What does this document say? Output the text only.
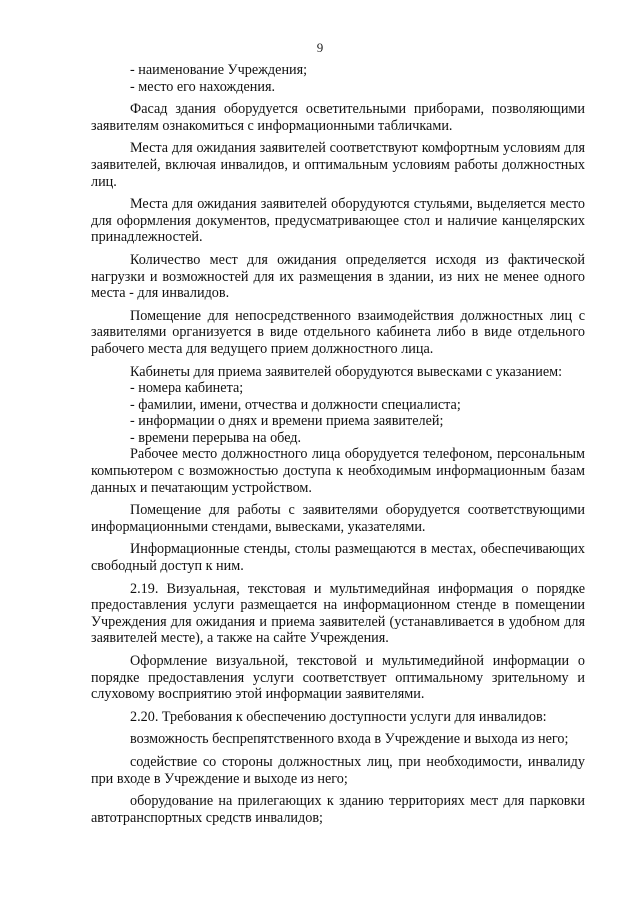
9

- наименование Учреждения;

- место его нахождения.

Фасад здания оборудуется осветительными приборами, позволяющими заявителям ознакомиться с информационными табличками.

Места для ожидания заявителей соответствуют комфортным условиям для заявителей, включая инвалидов, и оптимальным условиям работы должностных лиц.

Места для ожидания заявителей оборудуются стульями, выделяется место для оформления документов, предусматривающее стол и наличие канцелярских принадлежностей.

Количество мест для ожидания определяется исходя из фактической нагрузки и возможностей для их размещения в здании, из них не менее одного места - для инвалидов.

Помещение для непосредственного взаимодействия должностных лиц с заявителями организуется в виде отдельного кабинета либо в виде отдельного рабочего места для ведущего прием должностного лица.

Кабинеты для приема заявителей оборудуются вывесками с указанием:

- номера кабинета;

- фамилии, имени, отчества и должности специалиста;

- информации о днях и времени приема заявителей;

- времени перерыва на обед.

Рабочее место должностного лица оборудуется телефоном, персональным компьютером с возможностью доступа к необходимым информационным базам данных и печатающим устройством.

Помещение для работы с заявителями оборудуется соответствующими информационными стендами, вывесками, указателями.

Информационные стенды, столы размещаются в местах, обеспечивающих свободный доступ к ним.

2.19. Визуальная, текстовая и мультимедийная информация о порядке предоставления услуги размещается на информационном стенде в помещении Учреждения для ожидания и приема заявителей (устанавливается в удобном для заявителей месте), а также на сайте Учреждения.

Оформление визуальной, текстовой и мультимедийной информации о порядке предоставления услуги соответствует оптимальному зрительному и слуховому восприятию этой информации заявителями.

2.20. Требования к обеспечению доступности услуги для инвалидов:

возможность беспрепятственного входа в Учреждение и выхода из него;

содействие со стороны должностных лиц, при необходимости, инвалиду при входе в Учреждение и выходе из него;

оборудование на прилегающих к зданию территориях мест для парковки автотранспортных средств инвалидов;
